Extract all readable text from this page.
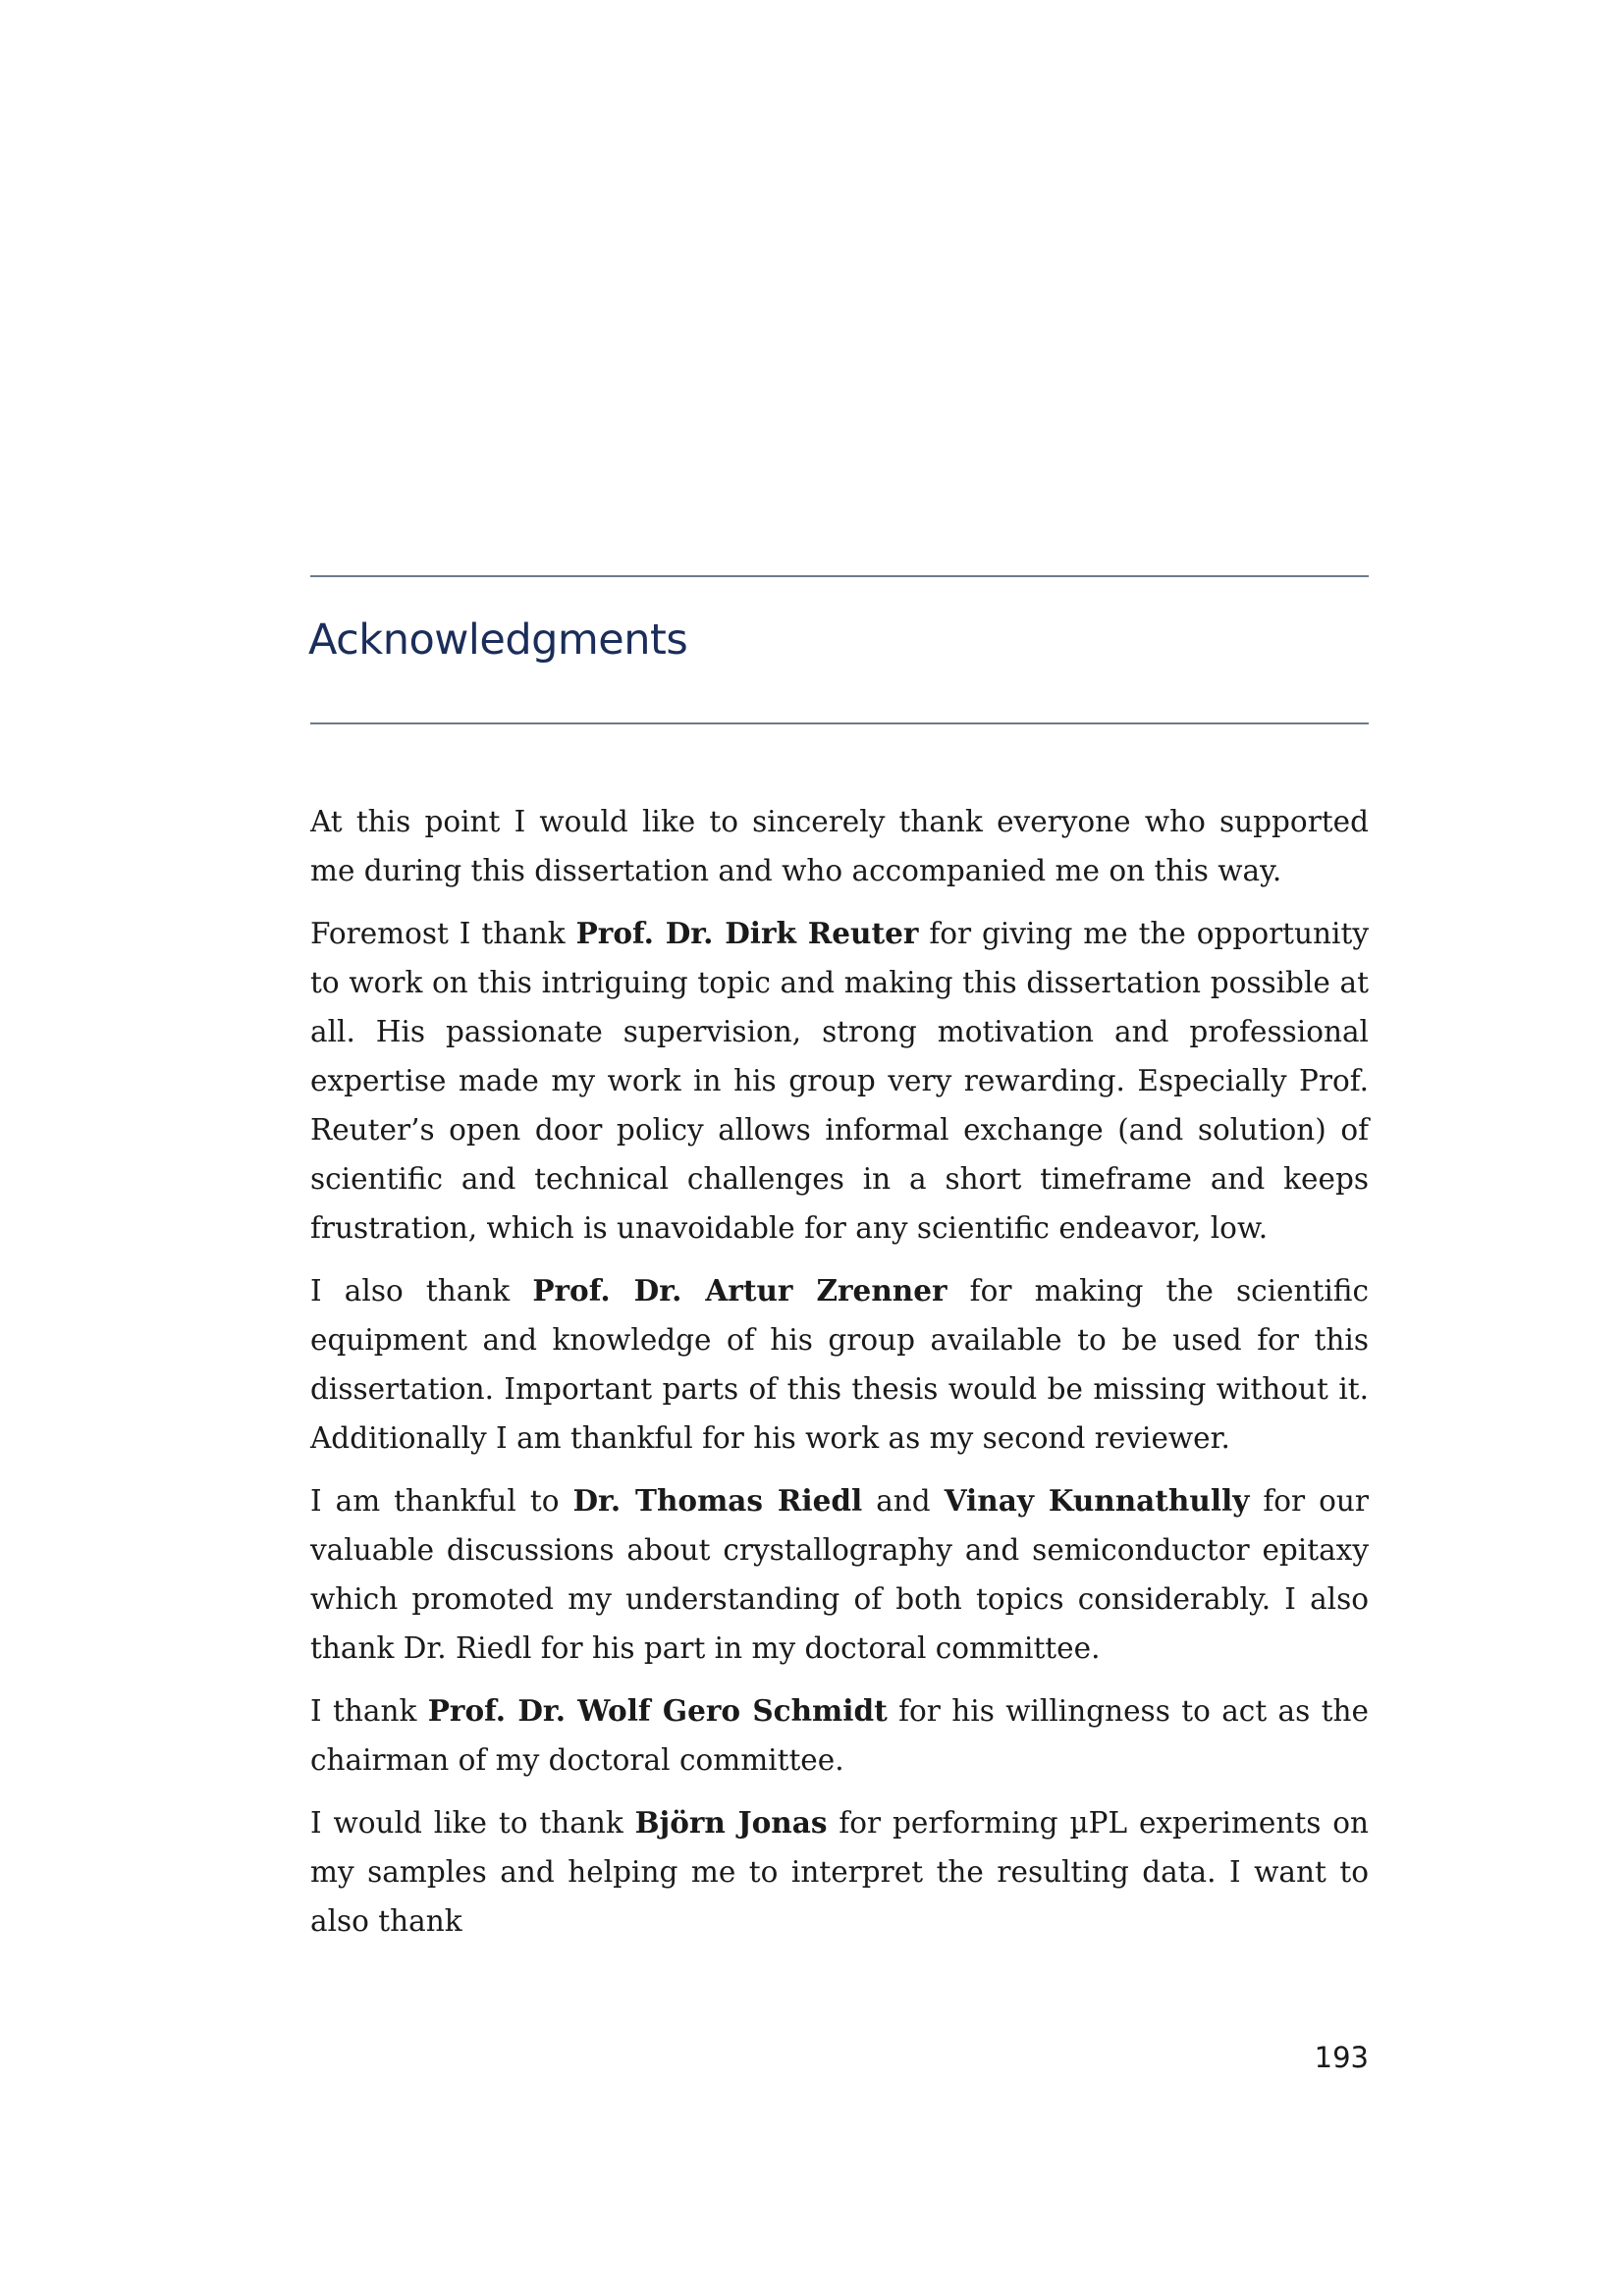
Acknowledgments

At this point I would like to sincerely thank everyone who supported me during this dissertation and who accompanied me on this way.

Foremost I thank Prof. Dr. Dirk Reuter for giving me the opportunity to work on this intriguing topic and making this dissertation possible at all. His passionate supervision, strong motivation and professional expertise made my work in his group very rewarding. Especially Prof. Reuter’s open door policy allows informal exchange (and solution) of scientific and technical challenges in a short timeframe and keeps frustration, which is unavoidable for any scientific endeavor, low.

I also thank Prof. Dr. Artur Zrenner for making the scientific equipment and knowledge of his group available to be used for this dissertation. Important parts of this thesis would be missing without it. Additionally I am thankful for his work as my second reviewer.

I am thankful to Dr. Thomas Riedl and Vinay Kunnathully for our valuable discussions about crystallography and semiconductor epitaxy which promoted my understanding of both topics considerably. I also thank Dr. Riedl for his part in my doctoral committee.

I thank Prof. Dr. Wolf Gero Schmidt for his willingness to act as the chairman of my doctoral committee.

I would like to thank Björn Jonas for performing µPL experiments on my samples and helping me to interpret the resulting data. I want to also thank

193
